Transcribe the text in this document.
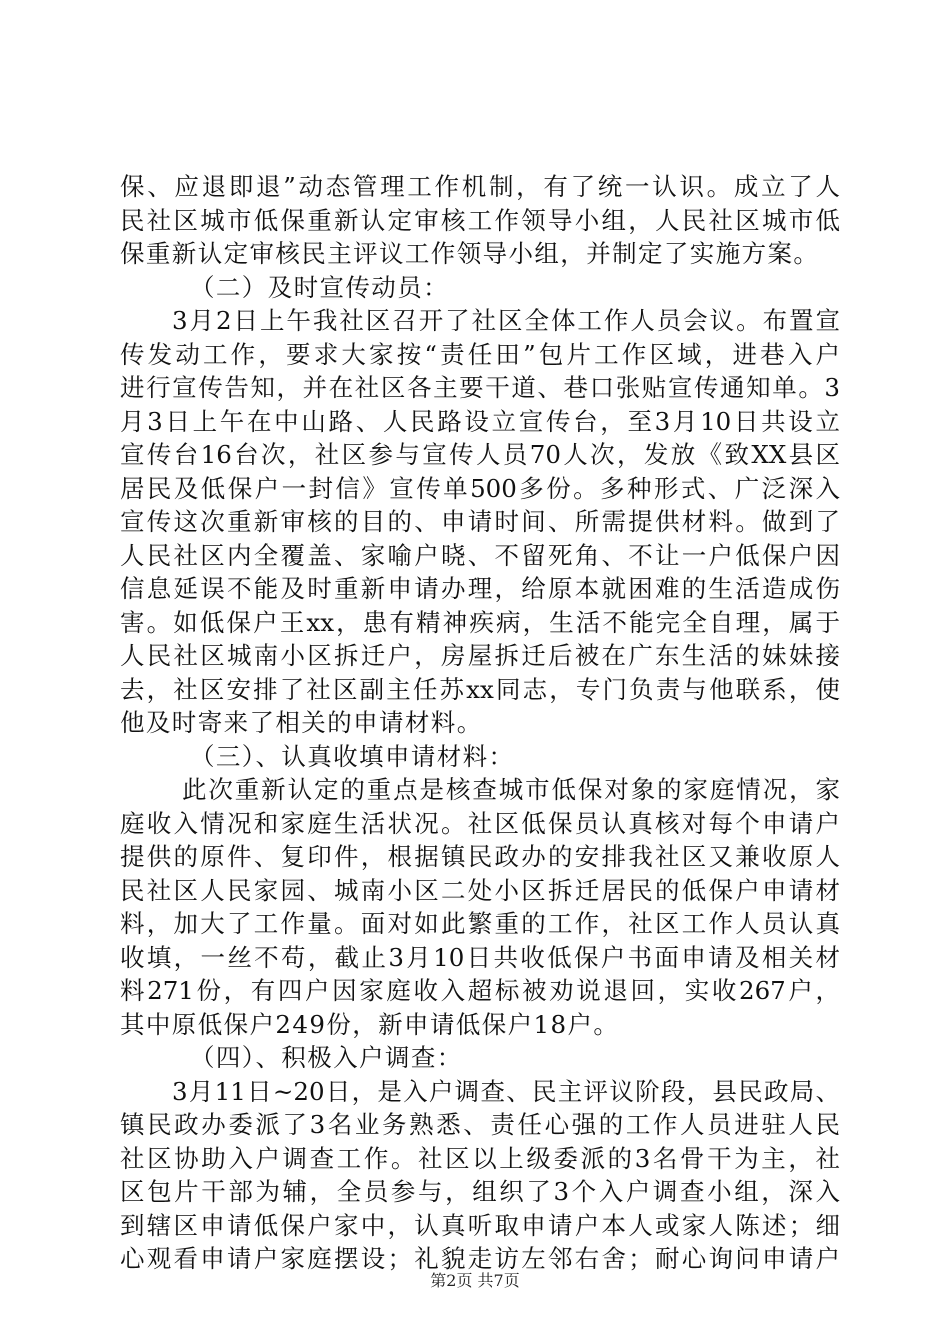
保、应退即退”动态管理工作机制，有了统一认识。成立了人
民社区城市低保重新认定审核工作领导小组，人民社区城市低
保重新认定审核民主评议工作领导小组，并制定了实施方案。
（二）及时宣传动员：
3月2日上午我社区召开了社区全体工作人员会议。布置宣
传发动工作，要求大家按“责任田”包片工作区域，进巷入户
进行宣传告知，并在社区各主要干道、巷口张贴宣传通知单。3
月3日上午在中山路、人民路设立宣传台，至3月10日共设立
宣传台16台次，社区参与宣传人员70人次，发放《致XX县区
居民及低保户一封信》宣传单500多份。多种形式、广泛深入
宣传这次重新审核的目的、申请时间、所需提供材料。做到了
人民社区内全覆盖、家喻户晓、不留死角、不让一户低保户因
信息延误不能及时重新申请办理，给原本就困难的生活造成伤
害。如低保户王xx，患有精神疾病，生活不能完全自理，属于
人民社区城南小区拆迁户，房屋拆迁后被在广东生活的妹妹接
去，社区安排了社区副主任苏xx同志，专门负责与他联系，使
他及时寄来了相关的申请材料。
（三）、认真收填申请材料：
此次重新认定的重点是核查城市低保对象的家庭情况，家
庭收入情况和家庭生活状况。社区低保员认真核对每个申请户
提供的原件、复印件，根据镇民政办的安排我社区又兼收原人
民社区人民家园、城南小区二处小区拆迁居民的低保户申请材
料，加大了工作量。面对如此繁重的工作，社区工作人员认真
收填，一丝不苟，截止3月10日共收低保户书面申请及相关材
料271份，有四户因家庭收入超标被劝说退回，实收267户，
其中原低保户249份，新申请低保户18户。
（四）、积极入户调查：
3月11日~20日，是入户调查、民主评议阶段，县民政局、
镇民政办委派了3名业务熟悉、责任心强的工作人员进驻人民
社区协助入户调查工作。社区以上级委派的3名骨干为主，社
区包片干部为辅，全员参与，组织了3个入户调查小组，深入
到辖区申请低保户家中，认真听取申请户本人或家人陈述；细
心观看申请户家庭摆设；礼貌走访左邻右舍；耐心询问申请户
第2页 共7页
